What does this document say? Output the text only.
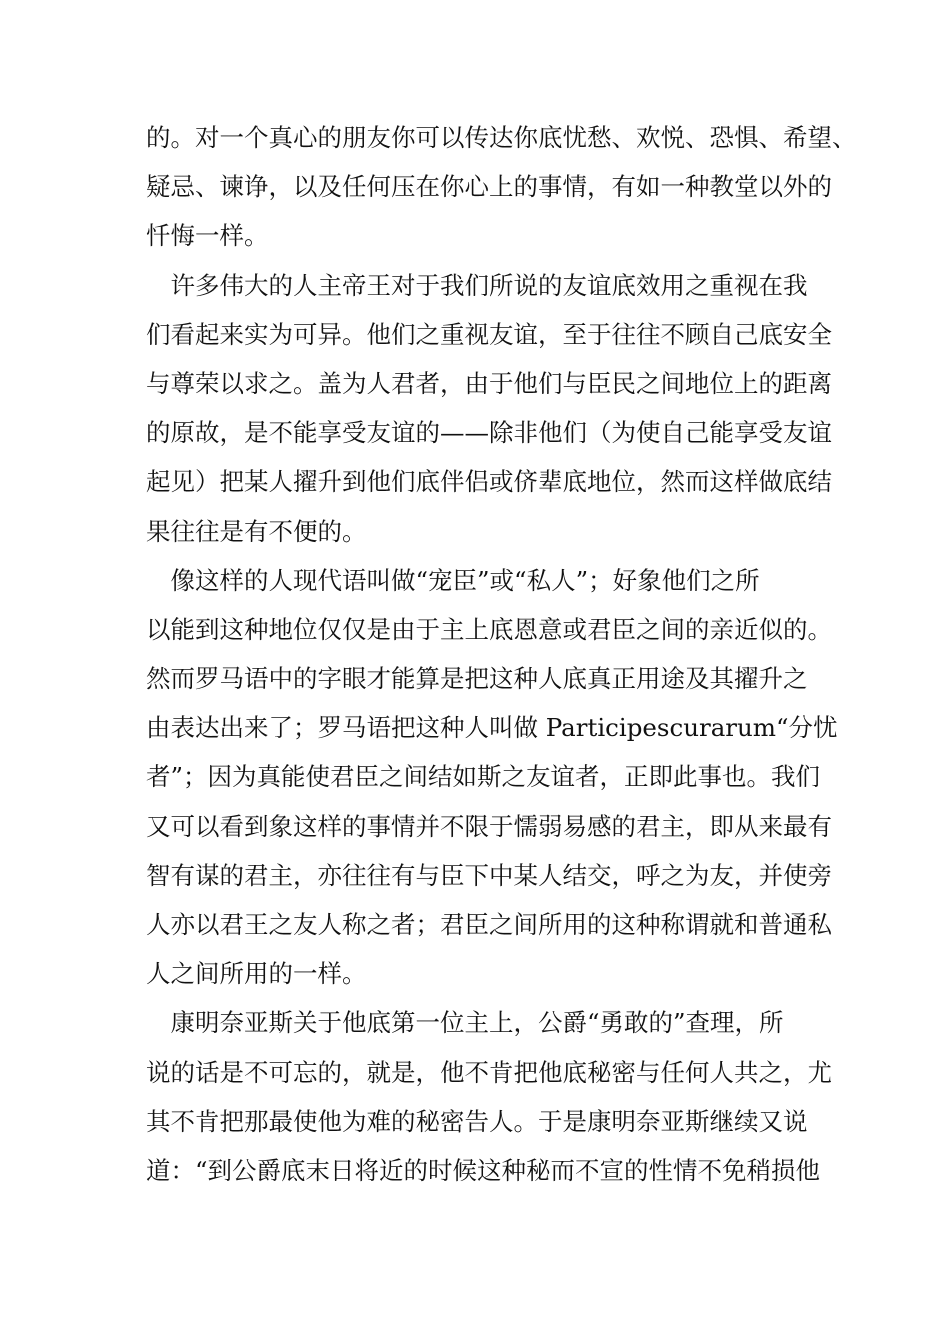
的。对一个真心的朋友你可以传达你底忧愁、欢悦、恐惧、希望、
疑忌、谏诤，以及任何压在你心上的事情，有如一种教堂以外的
忏悔一样。
　许多伟大的人主帝王对于我们所说的友谊底效用之重视在我
们看起来实为可异。他们之重视友谊，至于往往不顾自己底安全
与尊荣以求之。盖为人君者，由于他们与臣民之间地位上的距离
的原故，是不能享受友谊的——除非他们（为使自己能享受友谊
起见）把某人擢升到他们底伴侣或侪辈底地位，然而这样做底结
果往往是有不便的。
　像这样的人现代语叫做“宠臣”或“私人”；好象他们之所
以能到这种地位仅仅是由于主上底恩意或君臣之间的亲近似的。
然而罗马语中的字眼才能算是把这种人底真正用途及其擢升之
由表达出来了；罗马语把这种人叫做 Participescurarum“分忧
者”；因为真能使君臣之间结如斯之友谊者，正即此事也。我们
又可以看到象这样的事情并不限于懦弱易感的君主，即从来最有
智有谋的君主，亦往往有与臣下中某人结交，呼之为友，并使旁
人亦以君王之友人称之者；君臣之间所用的这种称谓就和普通私
人之间所用的一样。
　康明奈亚斯关于他底第一位主上，公爵“勇敢的”查理，所
说的话是不可忘的，就是，他不肯把他底秘密与任何人共之，尤
其不肯把那最使他为难的秘密告人。于是康明奈亚斯继续又说
道：“到公爵底末日将近的时候这种秘而不宣的性情不免稍损他
